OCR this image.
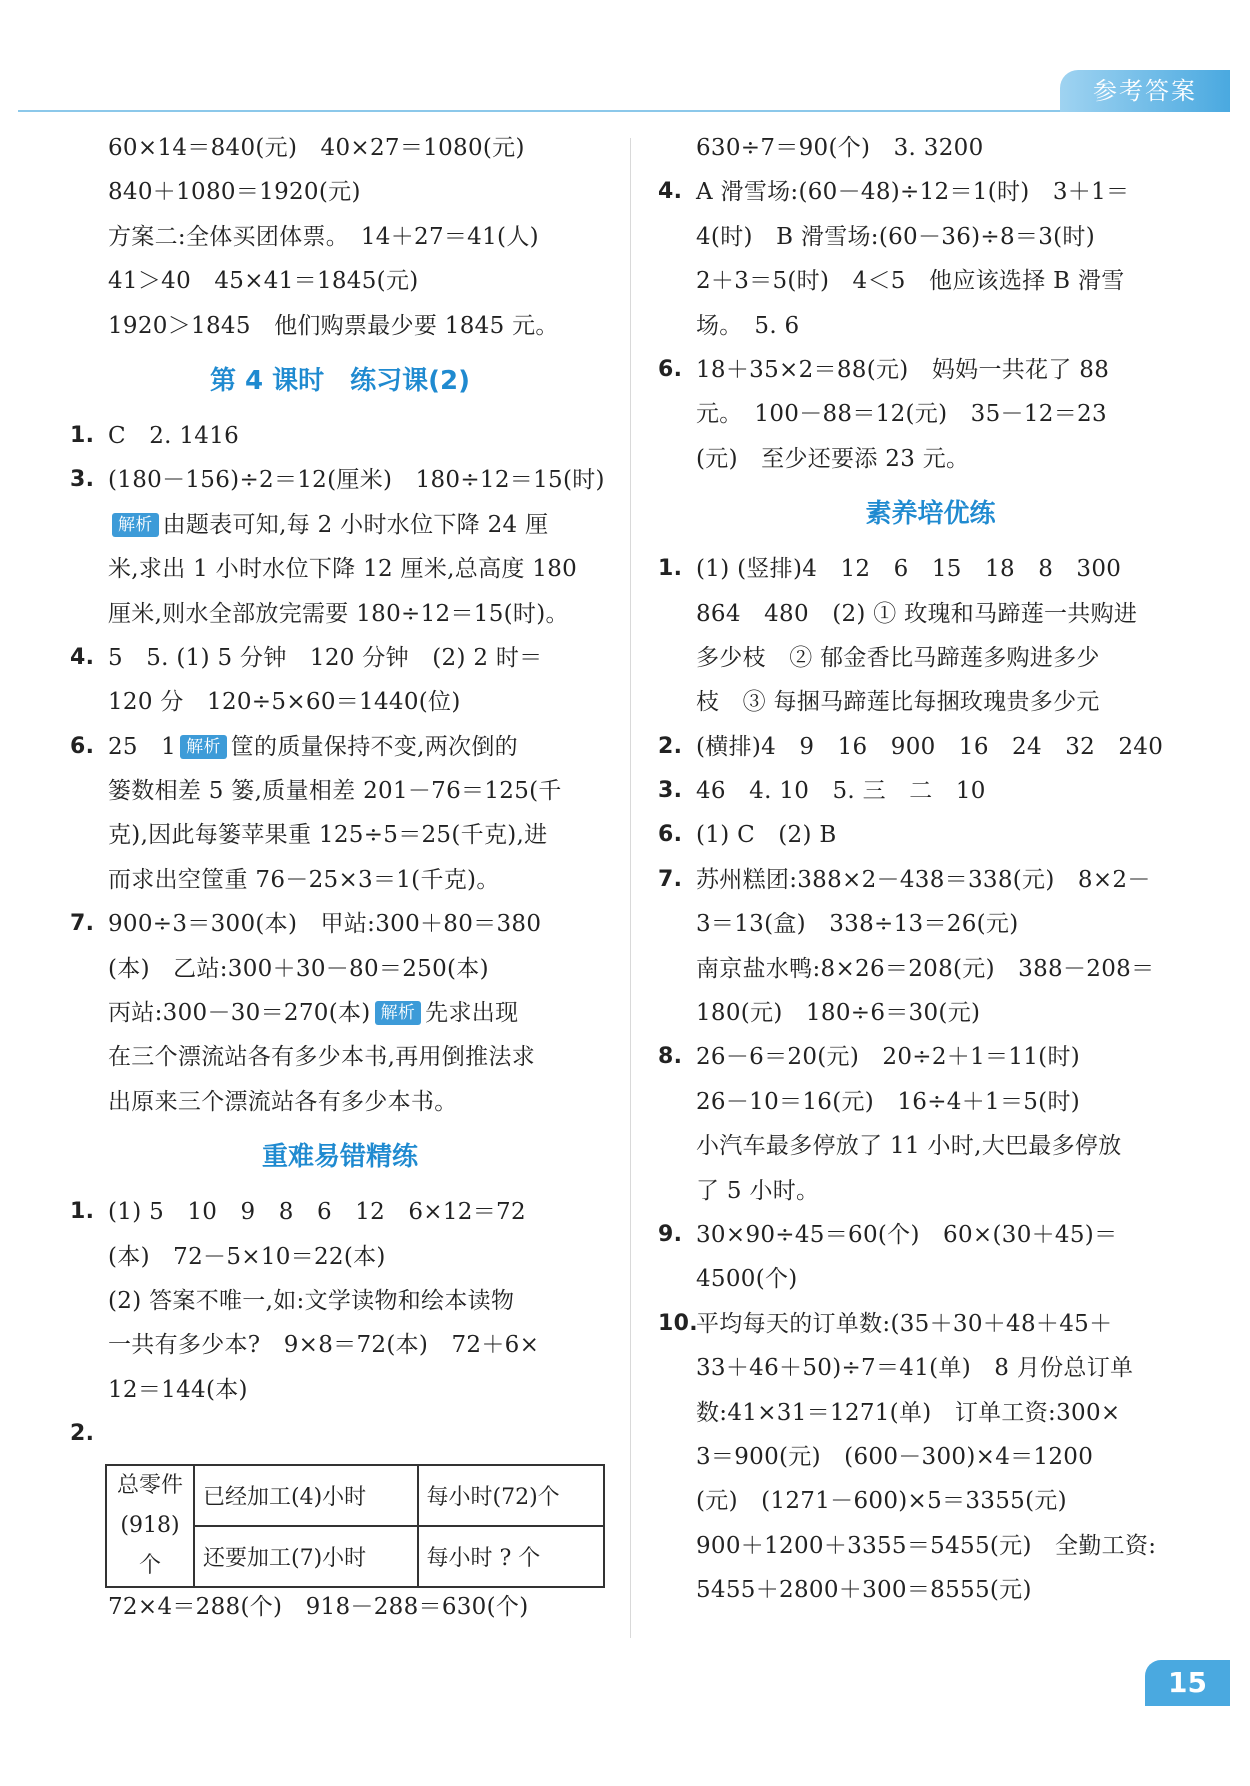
参考答案
60×14＝840(元)　40×27＝1080(元)
840＋1080＝1920(元)
方案二:全体买团体票。　14＋27＝41(人)
41＞40　45×41＝1845(元)
1920＞1845　他们购票最少要 1845 元。
第 4 课时　练习课(2)
1. C　2. 1416
3. (180－156)÷2＝12(厘米)　180÷12＝15(时)
解析 由题表可知,每 2 小时水位下降 24 厘
米,求出 1 小时水位下降 12 厘米,总高度 180
厘米,则水全部放完需要 180÷12＝15(时)。
4. 5　5. (1) 5 分钟　120 分钟　(2) 2 时＝
120 分　120÷5×60＝1440(位)
6. 25　1 解析 筐的质量保持不变,两次倒的
篓数相差 5 篓,质量相差 201－76＝125(千
克),因此每篓苹果重 125÷5＝25(千克),进
而求出空筐重 76－25×3＝1(千克)。
7. 900÷3＝300(本)　甲站:300＋80＝380
(本)　乙站:300＋30－80＝250(本)
丙站:300－30＝270(本) 解析 先求出现
在三个漂流站各有多少本书,再用倒推法求
出原来三个漂流站各有多少本书。
重难易错精练
1. (1) 5　10　9　8　6　12　6×12＝72
(本)　72－5×10＝22(本)
(2) 答案不唯一,如:文学读物和绘本读物
一共有多少本?　9×8＝72(本)　72＋6×
12＝144(本)
2.
总零件
(918)个	已经加工(4)小时	每小时(72)个
	还要加工(7)小时	每小时 ? 个
72×4＝288(个)　918－288＝630(个)
630÷7＝90(个)　3. 3200
4. A 滑雪场:(60－48)÷12＝1(时)　3＋1＝
4(时)　B 滑雪场:(60－36)÷8＝3(时)
2＋3＝5(时)　4＜5　他应该选择 B 滑雪
场。　5. 6
6. 18＋35×2＝88(元)　妈妈一共花了 88
元。　100－88＝12(元)　35－12＝23
(元)　至少还要添 23 元。
素养培优练
1. (1) (竖排)4　12　6　15　18　8　300
864　480　(2) ① 玫瑰和马蹄莲一共购进
多少枝　② 郁金香比马蹄莲多购进多少
枝　③ 每捆马蹄莲比每捆玫瑰贵多少元
2. (横排)4　9　16　900　16　24　32　240
3. 46　4. 10　5. 三　二　10
6. (1) C　(2) B
7. 苏州糕团:388×2－438＝338(元)　8×2－
3＝13(盒)　338÷13＝26(元)
南京盐水鸭:8×26＝208(元)　388－208＝
180(元)　180÷6＝30(元)
8. 26－6＝20(元)　20÷2＋1＝11(时)
26－10＝16(元)　16÷4＋1＝5(时)
小汽车最多停放了 11 小时,大巴最多停放
了 5 小时。
9. 30×90÷45＝60(个)　60×(30＋45)＝
4500(个)
10.
平均每天的订单数:(35＋30＋48＋45＋
33＋46＋50)÷7＝41(单)　8 月份总订单
数:41×31＝1271(单)　订单工资:300×
3＝900(元)　(600－300)×4＝1200
(元)　(1271－600)×5＝3355(元)
900＋1200＋3355＝5455(元)　全勤工资:
5455＋2800＋300＝8555(元)
15
